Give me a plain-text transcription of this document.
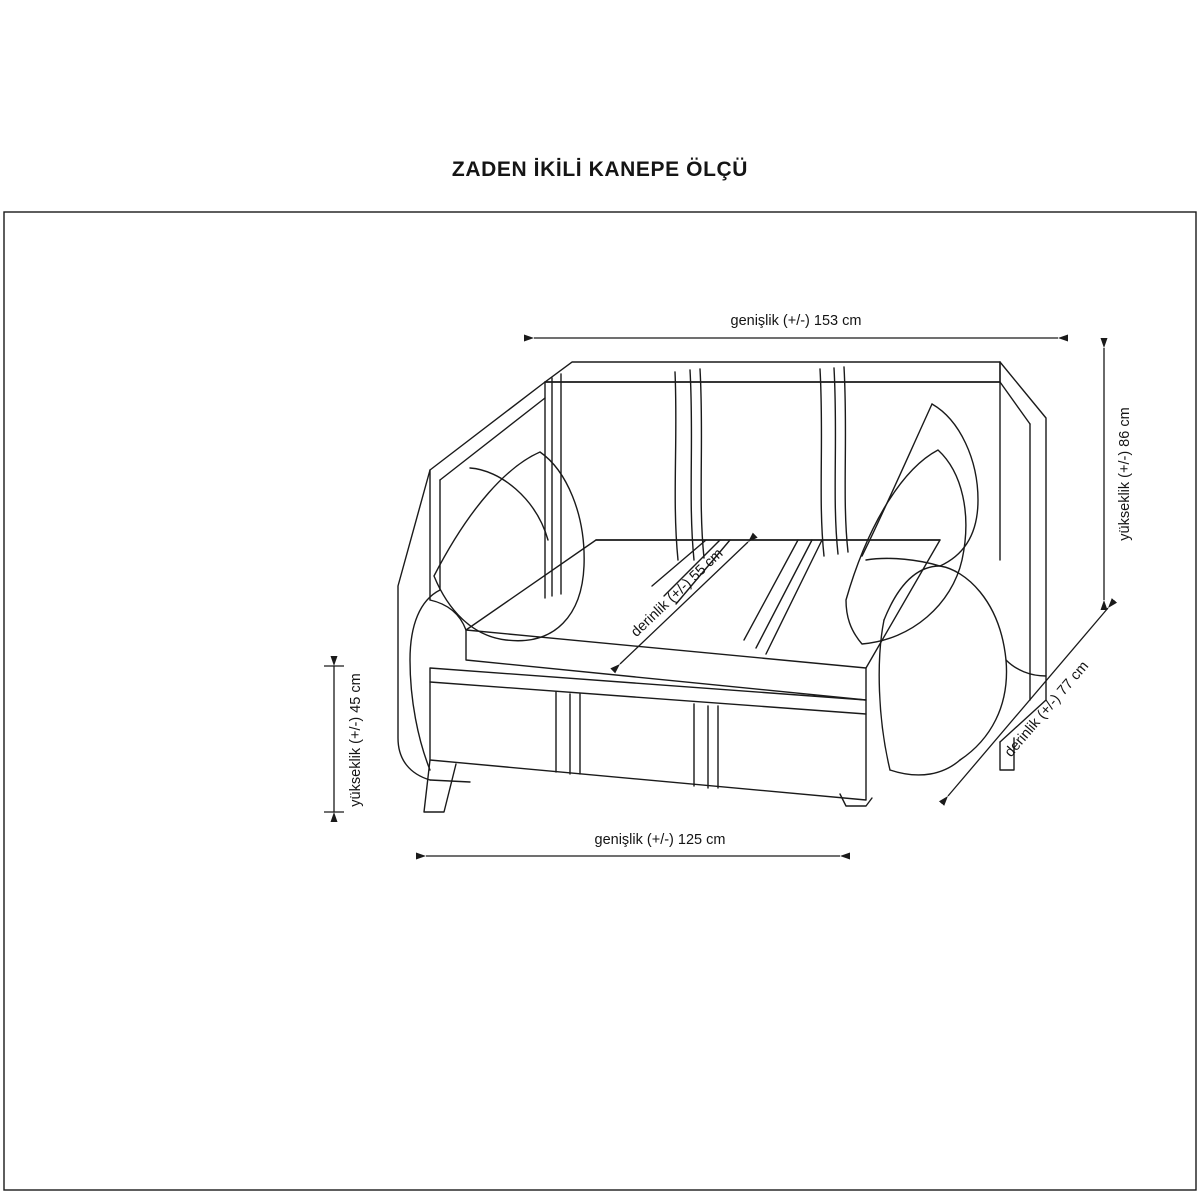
ZADEN İKİLİ KANEPE ÖLÇÜ
genişlik (+/-) 153 cm
yükseklik (+/-) 86 cm
derinlik (+/-) 77 cm
derinlik (+/-) 55 cm
yükseklik (+/-) 45 cm
genişlik (+/-) 125 cm
